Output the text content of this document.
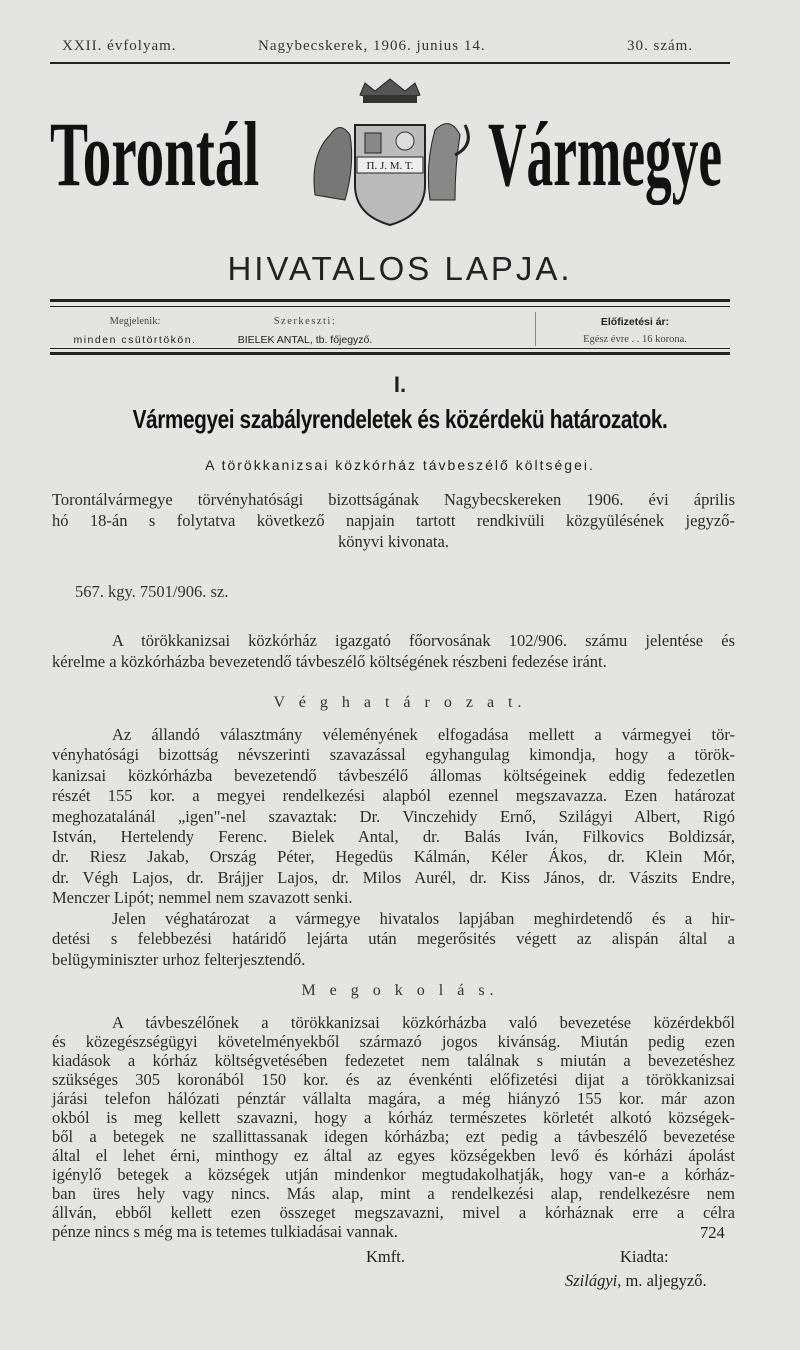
XXII. évfolyam.	Nagybecskerek, 1906. junius 14.	30. szám.
Torontál Vármegye
П. J. M. T.
HIVATALOS LAPJA.
Megjelenik:
minden csütörtökön.
Szerkeszti:
BIELEK ANTAL, tb. főjegyző.
Előfizetési ár:
Egész évre . . 16 korona.
I.
Vármegyei szabályrendeletek és közérdekü határozatok.
A törökkanizsai közkórház távbeszélő költségei.
Torontálvármegye törvényhatósági bizottságának Nagybecskereken 1906. évi április
hó 18-án s folytatva következő napjain tartott rendkivüli közgyülésének jegyző-
könyvi kivonata.
567. kgy. 7501/906. sz.
A törökkanizsai közkórház igazgató főorvosának 102/906. számu jelentése és
kérelme a közkórházba bevezetendő távbeszélő költségének részbeni fedezése iránt.
V é g h a t á r o z a t.
Az állandó választmány véleményének elfogadása mellett a vármegyei tör-
vényhatósági bizottság névszerinti szavazással egyhangulag kimondja, hogy a török-
kanizsai közkórházba bevezetendő távbeszélő állomas költségeinek eddig fedezetlen
részét 155 kor. a megyei rendelkezési alapból ezennel megszavazza. Ezen határozat
meghozatalánál „igen"-nel szavaztak: Dr. Vinczehidy Ernő, Szilágyi Albert, Rigó
István, Hertelendy Ferenc. Bielek Antal, dr. Balás Iván, Filkovics Boldizsár,
dr. Riesz Jakab, Ország Péter, Hegedüs Kálmán, Kéler Ákos, dr. Klein Mór,
dr. Végh Lajos, dr. Brájjer Lajos, dr. Milos Aurél, dr. Kiss János, dr. Vászits Endre,
Menczer Lipót; nemmel nem szavazott senki.
Jelen véghatározat a vármegye hivatalos lapjában meghirdetendő és a hir-
detési s felebbezési határidő lejárta után megerősités végett az alispán által a
belügyminiszter urhoz felterjesztendő.
M e g o k o l á s.
A távbeszélőnek a törökkanizsai közkórházba való bevezetése közérdekből
és közegészségügyi követelményekből származó jogos kivánság. Miután pedig ezen
kiadások a kórház költségvetésében fedezetet nem találnak s miután a bevezetéshez
szükséges 305 koronából 150 kor. és az évenkénti előfizetési dijat a törökkanizsai
járási telefon hálózati pénztár vállalta magára, a még hiányzó 155 kor. már azon
okból is meg kellett szavazni, hogy a kórház természetes körletét alkotó községek-
ből a betegek ne szallittassanak idegen kórházba; ezt pedig a távbeszélő bevezetése
által el lehet érni, minthogy ez által az egyes községekben levő és kórházi ápolást
igénylő betegek a községek utján mindenkor megtudakolhatják, hogy van-e a kórház-
ban üres hely vagy nincs. Más alap, mint a rendelkezési alap, rendelkezésre nem
állván, ebből kellett ezen összeget megszavazni, mivel a kórháznak erre a célra
pénze nincs s még ma is tetemes tulkiadásai vannak.	724
Kmft.	Kiadta:
Szilágyi, m. aljegyző.
